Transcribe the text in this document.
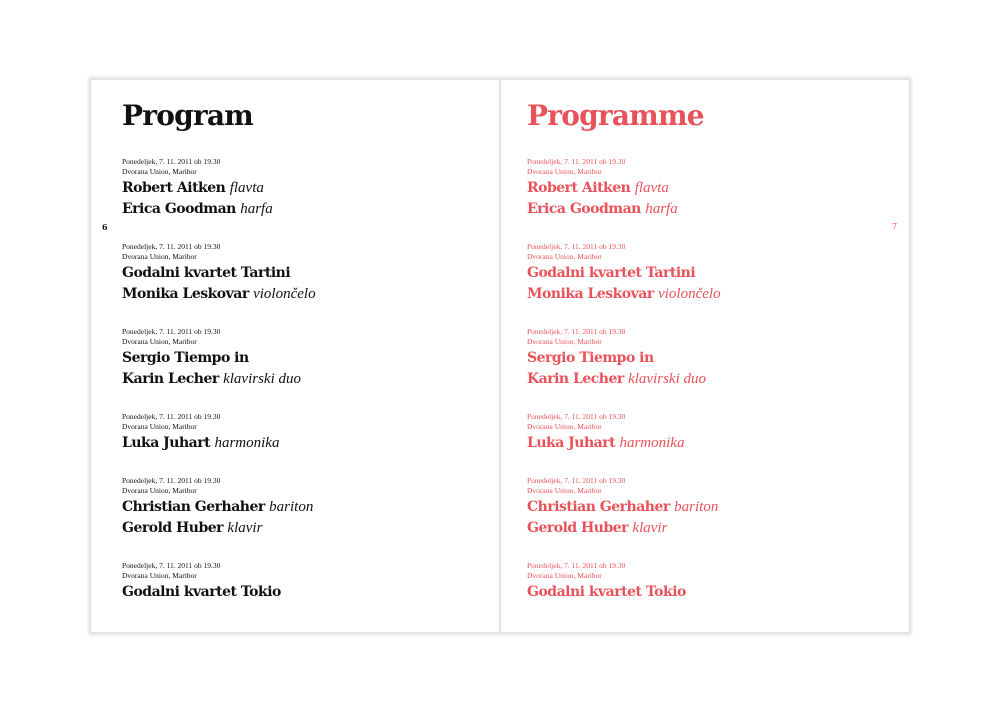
Program
6
Ponedeljek, 7. 11. 2011 ob 19.30
Dvorana Union, Maribor
Robert Aitken flavta
Erica Goodman harfa
Ponedeljek, 7. 11. 2011 ob 19.30
Dvorana Union, Maribor
Godalni kvartet Tartini
Monika Leskovar violončelo
Ponedeljek, 7. 11. 2011 ob 19.30
Dvorana Union, Maribor
Sergio Tiempo in
Karin Lecher klavirski duo
Ponedeljek, 7. 11. 2011 ob 19.30
Dvorana Union, Maribor
Luka Juhart harmonika
Ponedeljek, 7. 11. 2011 ob 19.30
Dvorana Union, Maribor
Christian Gerhaher bariton
Gerold Huber klavir
Ponedeljek, 7. 11. 2011 ob 19.30
Dvorana Union, Maribor
Godalni kvartet Tokio
Programme
7
Ponedeljek, 7. 11. 2011 ob 19.30
Dvorana Union, Maribor
Robert Aitken flavta
Erica Goodman harfa
Ponedeljek, 7. 11. 2011 ob 19.30
Dvorana Union, Maribor
Godalni kvartet Tartini
Monika Leskovar violončelo
Ponedeljek, 7. 11. 2011 ob 19.30
Dvorana Union, Maribor
Sergio Tiempo in
Karin Lecher klavirski duo
Ponedeljek, 7. 11. 2011 ob 19.30
Dvorana Union, Maribor
Luka Juhart harmonika
Ponedeljek, 7. 11. 2011 ob 19.30
Dvorana Union, Maribor
Christian Gerhaher bariton
Gerold Huber klavir
Ponedeljek, 7. 11. 2011 ob 19.30
Dvorana Union, Maribor
Godalni kvartet Tokio
